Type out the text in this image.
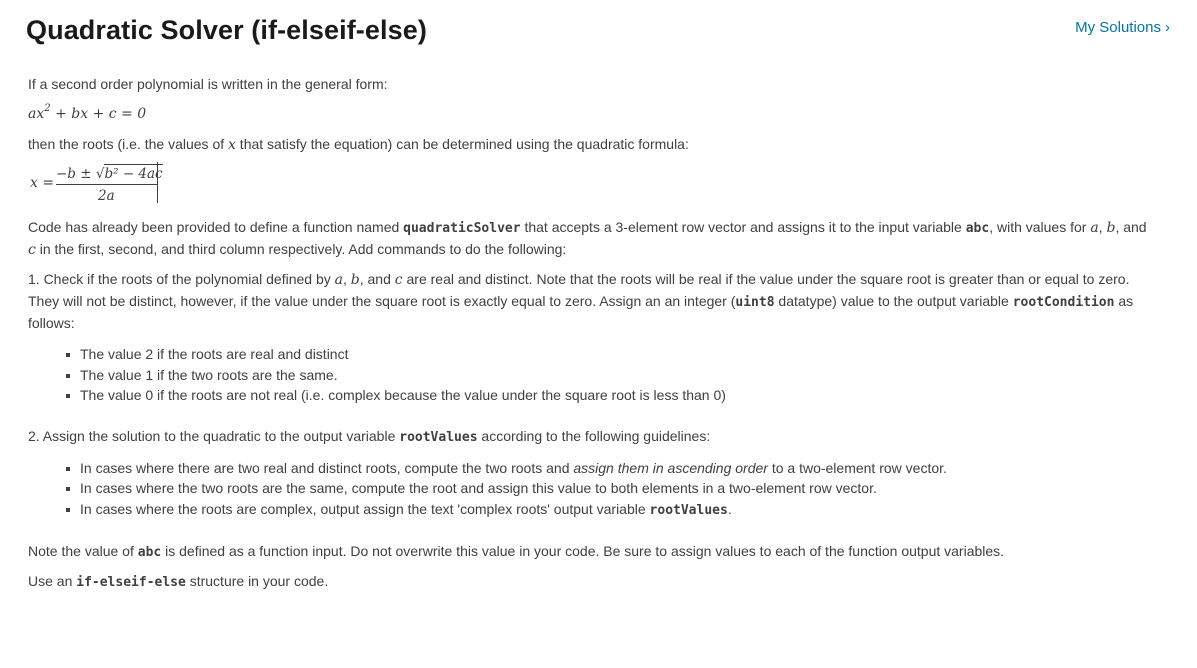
Quadratic Solver (if-elseif-else)	My Solutions ›

If a second order polynomial is written in the general form:

$ax^2$ + bx + c = 0

then the roots (i.e. the values of x that satisfy the equation) can be determined using the quadratic formula:

x =
−b ± √b² − 4ac
2a

Code has already been provided to define a function named quadraticSolver that accepts a 3-element row vector and assigns it to the input variable abc, with values for a, b, and c in the first, second, and third column respectively. Add commands to do the following:

1. Check if the roots of the polynomial defined by a, b, and c are real and distinct. Note that the roots will be real if the value under the square root is greater than or equal to zero. They will not be distinct, however, if the value under the square root is exactly equal to zero. Assign an an integer (uint8 datatype) value to the output variable rootCondition as follows:

The value 2 if the roots are real and distinct
The value 1 if the two roots are the same.
The value 0 if the roots are not real (i.e. complex because the value under the square root is less than 0)

2. Assign the solution to the quadratic to the output variable rootValues according to the following guidelines:

In cases where there are two real and distinct roots, compute the two roots and assign them in ascending order to a two-element row vector.
In cases where the two roots are the same, compute the root and assign this value to both elements in a two-element row vector.
In cases where the roots are complex, output assign the text 'complex roots' output variable rootValues.

Note the value of abc is defined as a function input. Do not overwrite this value in your code. Be sure to assign values to each of the function output variables.

Use an if-elseif-else structure in your code.
